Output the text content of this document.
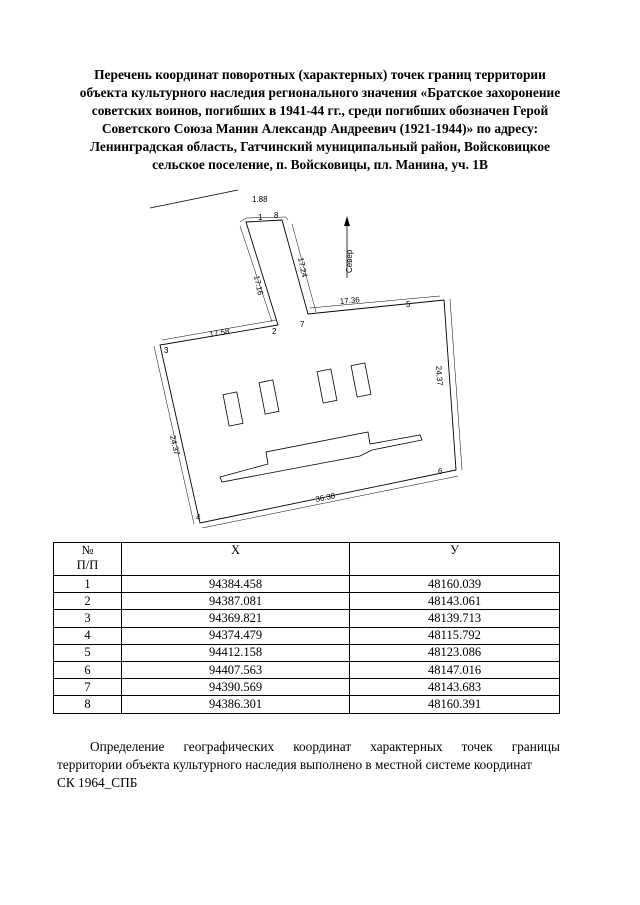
Перечень координат поворотных (характерных) точек границ территории
объекта культурного наследия регионального значения «Братское захоронение
советских воинов, погибших в 1941-44 гг., среди погибших обозначен Герой
Советского Союза Манин Александр Андреевич (1921-1944)» по адресу:
Ленинградская область, Гатчинский муниципальный район, Войсковицкое
сельское поселение, п. Войсковицы, пл. Манина, уч. 1В
Север
1.88
17.16
17.24
17.58
17.36
24.37
24.37
36.38
1
2
3
4
5
6
7
8
№
П/П	X	У
1	94384.458	48160.039
2	94387.081	48143.061
3	94369.821	48139.713
4	94374.479	48115.792
5	94412.158	48123.086
6	94407.563	48147.016
7	94390.569	48143.683
8	94386.301	48160.391
Определение географических координат характерных точек границы
территории объекта культурного наследия выполнено в местной системе координат
СК 1964_СПБ
